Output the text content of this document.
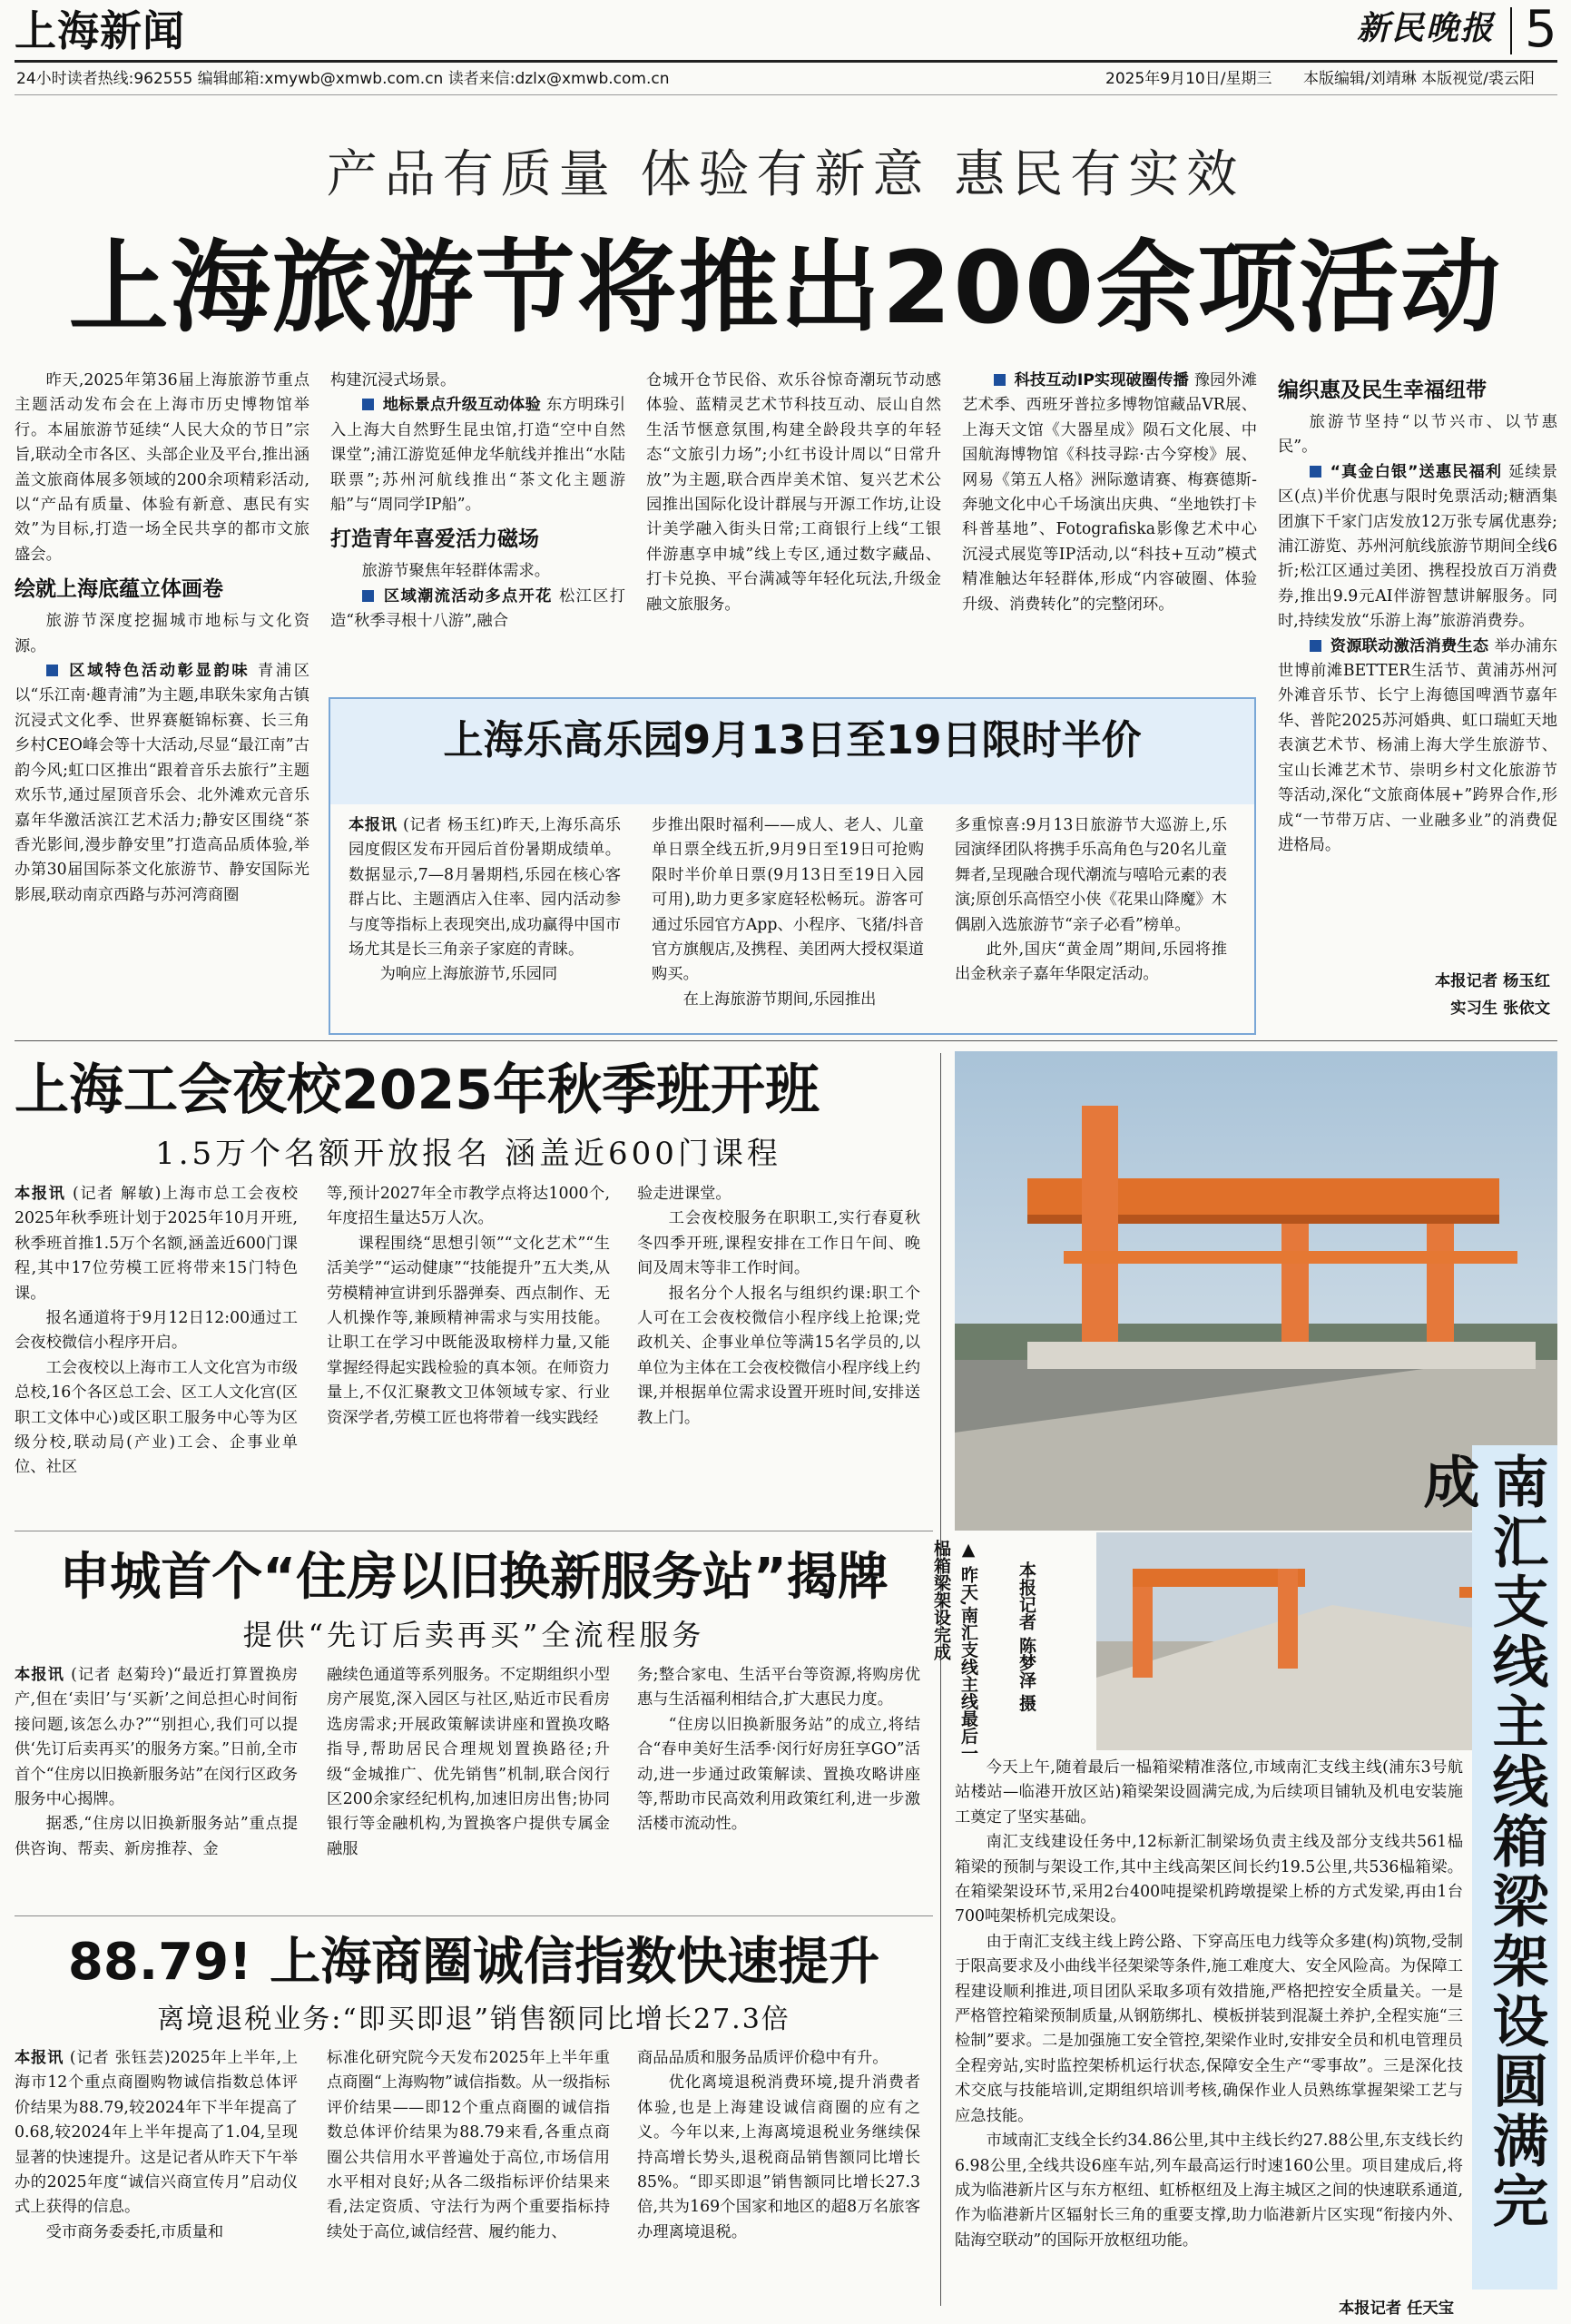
上海新闻	新民晚报 5
24小时读者热线:962555 编辑邮箱:xmywb@xmwb.com.cn 读者来信:dzlx@xmwb.com.cn	2025年9月10日/星期三 本版编辑/刘靖琳 本版视觉/裘云阳
产品有质量 体验有新意 惠民有实效
上海旅游节将推出200余项活动

昨天,2025年第36届上海旅游节重点主题活动发布会在上海市历史博物馆举行。本届旅游节延续“人民大众的节日”宗旨,联动全市各区、头部企业及平台,推出涵盖文旅商体展多领域的200余项精彩活动,以“产品有质量、体验有新意、惠民有实效”为目标,打造一场全民共享的都市文旅盛会。

绘就上海底蕴立体画卷

旅游节深度挖掘城市地标与文化资源。

区域特色活动彰显韵味 青浦区以“乐江南·趣青浦”为主题,串联朱家角古镇沉浸式文化季、世界赛艇锦标赛、长三角乡村CEO峰会等十大活动,尽显“最江南”古韵今风;虹口区推出“跟着音乐去旅行”主题欢乐节,通过屋顶音乐会、北外滩欢元音乐嘉年华激活滨江艺术活力;静安区围绕“茶香光影间,漫步静安里”打造高品质体验,举办第30届国际茶文化旅游节、静安国际光影展,联动南京西路与苏河湾商圈

构建沉浸式场景。

地标景点升级互动体验 东方明珠引入上海大自然野生昆虫馆,打造“空中自然课堂”;浦江游览延伸龙华航线并推出“水陆联票”;苏州河航线推出“茶文化主题游船”与“周同学IP船”。

打造青年喜爱活力磁场

旅游节聚焦年轻群体需求。

区域潮流活动多点开花 松江区打造“秋季寻根十八游”,融合

仓城开仓节民俗、欢乐谷惊奇潮玩节动感体验、蓝精灵艺术节科技互动、辰山自然生活节惬意氛围,构建全龄段共享的年轻态“文旅引力场”;小红书设计周以“日常升放”为主题,联合西岸美术馆、复兴艺术公园推出国际化设计群展与开源工作坊,让设计美学融入街头日常;工商银行上线“工银伴游惠享申城”线上专区,通过数字藏品、打卡兑换、平台满减等年轻化玩法,升级金融文旅服务。

科技互动IP实现破圈传播 豫园外滩艺术季、西班牙普拉多博物馆藏品VR展、上海天文馆《大器星成》陨石文化展、中国航海博物馆《科技寻踪·古今穿梭》展、网易《第五人格》洲际邀请赛、梅赛德斯-奔驰文化中心千场演出庆典、“坐地铁打卡科普基地”、Fotografiska影像艺术中心沉浸式展览等IP活动,以“科技+互动”模式精准触达年轻群体,形成“内容破圈、体验升级、消费转化”的完整闭环。

编织惠及民生幸福纽带

旅游节坚持“以节兴市、以节惠民”。

“真金白银”送惠民福利 延续景区(点)半价优惠与限时免票活动;糖酒集团旗下千家门店发放12万张专属优惠券;浦江游览、苏州河航线旅游节期间全线6折;松江区通过美团、携程投放百万消费券,推出9.9元AI伴游智慧讲解服务。同时,持续发放“乐游上海”旅游消费券。

资源联动激活消费生态 举办浦东世博前滩BETTER生活节、黄浦苏州河外滩音乐节、长宁上海德国啤酒节嘉年华、普陀2025苏河婚典、虹口瑞虹天地表演艺术节、杨浦上海大学生旅游节、宝山长滩艺术节、崇明乡村文化旅游节等活动,深化“文旅商体展+”跨界合作,形成“一节带万店、一业融多业”的消费促进格局。

本报记者 杨玉红
实习生 张依文
上海乐高乐园9月13日至19日限时半价

本报讯 (记者 杨玉红)昨天,上海乐高乐园度假区发布开园后首份暑期成绩单。数据显示,7—8月暑期档,乐园在核心客群占比、主题酒店入住率、园内活动参与度等指标上表现突出,成功赢得中国市场尤其是长三角亲子家庭的青睐。

为响应上海旅游节,乐园同

步推出限时福利——成人、老人、儿童单日票全线五折,9月9日至19日可抢购限时半价单日票(9月13日至19日入园可用),助力更多家庭轻松畅玩。游客可通过乐园官方App、小程序、飞猪/抖音官方旗舰店,及携程、美团两大授权渠道购买。

在上海旅游节期间,乐园推出

多重惊喜:9月13日旅游节大巡游上,乐园演绎团队将携手乐高角色与20名儿童舞者,呈现融合现代潮流与嘻哈元素的表演;原创乐高悟空小侠《花果山降魔》木偶剧入选旅游节“亲子必看”榜单。

此外,国庆“黄金周”期间,乐园将推出金秋亲子嘉年华限定活动。

上海工会夜校2025年秋季班开班
1.5万个名额开放报名 涵盖近600门课程

本报讯 (记者 解敏)上海市总工会夜校2025年秋季班计划于2025年10月开班,秋季班首推1.5万个名额,涵盖近600门课程,其中17位劳模工匠将带来15门特色课。

报名通道将于9月12日12:00通过工会夜校微信小程序开启。

工会夜校以上海市工人文化宫为市级总校,16个各区总工会、区工人文化宫(区职工文体中心)或区职工服务中心等为区级分校,联动局(产业)工会、企事业单位、社区

等,预计2027年全市教学点将达1000个,年度招生量达5万人次。

课程围绕“思想引领”“文化艺术”“生活美学”“运动健康”“技能提升”五大类,从劳模精神宣讲到乐器弹奏、西点制作、无人机操作等,兼顾精神需求与实用技能。让职工在学习中既能汲取榜样力量,又能掌握经得起实践检验的真本领。在师资力量上,不仅汇聚教文卫体领域专家、行业资深学者,劳模工匠也将带着一线实践经

验走进课堂。

工会夜校服务在职职工,实行春夏秋冬四季开班,课程安排在工作日午间、晚间及周末等非工作时间。

报名分个人报名与组织约课:职工个人可在工会夜校微信小程序线上抢课;党政机关、企事业单位等满15名学员的,以单位为主体在工会夜校微信小程序线上约课,并根据单位需求设置开班时间,安排送教上门。

申城首个“住房以旧换新服务站”揭牌
提供“先订后卖再买”全流程服务

本报讯 (记者 赵菊玲)“最近打算置换房产,但在‘卖旧’与‘买新’之间总担心时间衔接问题,该怎么办?”“别担心,我们可以提供‘先订后卖再买’的服务方案。”日前,全市首个“住房以旧换新服务站”在闵行区政务服务中心揭牌。

据悉,“住房以旧换新服务站”重点提供咨询、帮卖、新房推荐、金

融续色通道等系列服务。不定期组织小型房产展览,深入园区与社区,贴近市民看房选房需求;开展政策解读讲座和置换攻略指导,帮助居民合理规划置换路径;升级“金城推广、优先销售”机制,联合闵行区200余家经纪机构,加速旧房出售;协同银行等金融机构,为置换客户提供专属金融服

务;整合家电、生活平台等资源,将购房优惠与生活福利相结合,扩大惠民力度。

“住房以旧换新服务站”的成立,将结合“春申美好生活季·闵行好房狂享GO”活动,进一步通过政策解读、置换攻略讲座等,帮助市民高效利用政策红利,进一步激活楼市流动性。

88.79! 上海商圈诚信指数快速提升
离境退税业务:“即买即退”销售额同比增长27.3倍

本报讯 (记者 张钰芸)2025年上半年,上海市12个重点商圈购物诚信指数总体评价结果为88.79,较2024年下半年提高了0.68,较2024年上半年提高了1.04,呈现显著的快速提升。这是记者从昨天下午举办的2025年度“诚信兴商宣传月”启动仪式上获得的信息。

受市商务委委托,市质量和

标准化研究院今天发布2025年上半年重点商圈“上海购物”诚信指数。从一级指标评价结果——即12个重点商圈的诚信指数总体评价结果为88.79来看,各重点商圈公共信用水平普遍处于高位,市场信用水平相对良好;从各二级指标评价结果来看,法定资质、守法行为两个重要指标持续处于高位,诚信经营、履约能力、

商品品质和服务品质评价稳中有升。

优化离境退税消费环境,提升消费者体验,也是上海建设诚信商圈的应有之义。今年以来,上海离境退税业务继续保持高增长势头,退税商品销售额同比增长85%。“即买即退”销售额同比增长27.3倍,共为169个国家和地区的超8万名旅客办理离境退税。

▲ 昨天,南汇支线主线最后一榀箱梁架设完成	本报记者 陈梦泽 摄	南汇支线主线箱梁架设圆满完成

今天上午,随着最后一榀箱梁精准落位,市域南汇支线主线(浦东3号航站楼站—临港开放区站)箱梁架设圆满完成,为后续项目铺轨及机电安装施工奠定了坚实基础。

南汇支线建设任务中,12标新汇制梁场负责主线及部分支线共561榀箱梁的预制与架设工作,其中主线高架区间长约19.5公里,共536榀箱梁。在箱梁架设环节,采用2台400吨提梁机跨墩提梁上桥的方式发梁,再由1台700吨架桥机完成架设。

由于南汇支线主线上跨公路、下穿高压电力线等众多建(构)筑物,受制于限高要求及小曲线半径架梁等条件,施工难度大、安全风险高。为保障工程建设顺利推进,项目团队采取多项有效措施,严格把控安全质量关。一是严格管控箱梁预制质量,从钢筋绑扎、模板拼装到混凝土养护,全程实施“三检制”要求。二是加强施工安全管控,架梁作业时,安排安全员和机电管理员全程旁站,实时监控架桥机运行状态,保障安全生产“零事故”。三是深化技术交底与技能培训,定期组织培训考核,确保作业人员熟练掌握架梁工艺与应急技能。

市域南汇支线全长约34.86公里,其中主线长约27.88公里,东支线长约6.98公里,全线共设6座车站,列车最高运行时速160公里。项目建成后,将成为临港新片区与东方枢纽、虹桥枢纽及上海主城区之间的快速联系通道,作为临港新片区辐射长三角的重要支撑,助力临港新片区实现“衔接内外、陆海空联动”的国际开放枢纽功能。

本报记者 任天宝
